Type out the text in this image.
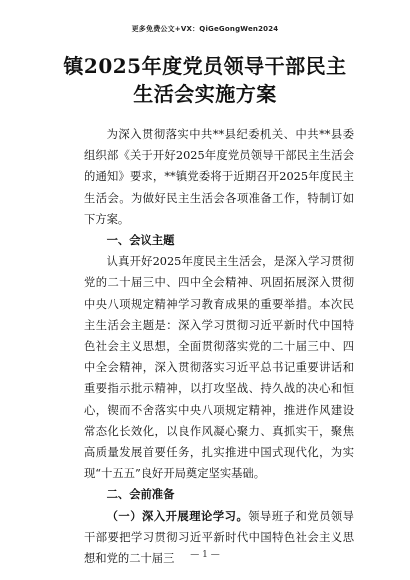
更多免费公文+VX：QiGeGongWen2024
镇2025年度党员领导干部民主生活会实施方案

为深入贯彻落实中共**县纪委机关、中共**县委组织部《关于开好2025年度党员领导干部民主生活会的通知》要求，**镇党委将于近期召开2025年度民主生活会。为做好民主生活会各项准备工作，特制订如下方案。

一、会议主题

认真开好2025年度民主生活会，是深入学习贯彻党的二十届三中、四中全会精神、巩固拓展深入贯彻中央八项规定精神学习教育成果的重要举措。本次民主生活会主题是：深入学习贯彻习近平新时代中国特色社会主义思想，全面贯彻落实党的二十届三中、四中全会精神，深入贯彻落实习近平总书记重要讲话和重要指示批示精神，以打攻坚战、持久战的决心和恒心，锲而不舍落实中央八项规定精神，推进作风建设常态化长效化，以良作风凝心聚力、真抓实干，聚焦高质量发展首要任务，扎实推进中国式现代化，为实现“十五五”良好开局奠定坚实基础。

二、会前准备

（一）深入开展理论学习。领导班子和党员领导干部要把学习贯彻习近平新时代中国特色社会主义思想和党的二十届三	— 1 —
